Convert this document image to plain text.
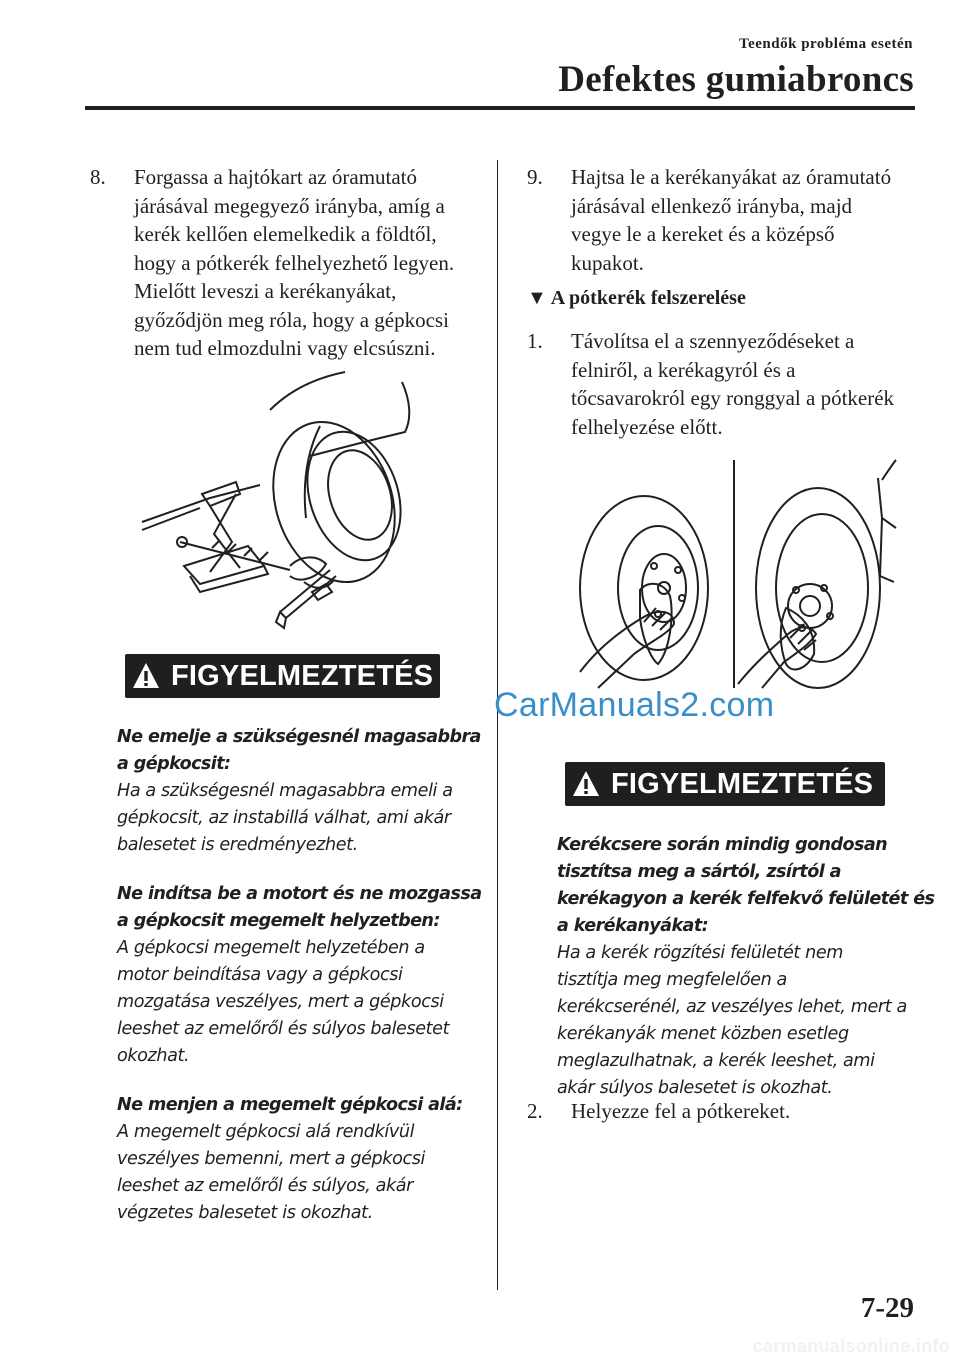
Teendők probléma esetén
Defektes gumiabroncs
8. Forgassa a hajtókart az óramutató
járásával megegyező irányba, amíg a
kerék kellően elemelkedik a földtől,
hogy a pótkerék felhelyezhető legyen.
Mielőtt leveszi a kerékanyákat,
győződjön meg róla, hogy a gépkocsi
nem tud elmozdulni vagy elcsúszni.
FIGYELMEZTETÉS

Ne emelje a szükségesnél magasabbra

a gépkocsit:

Ha a szükségesnél magasabbra emeli a

gépkocsit, az instabillá válhat, ami akár

balesetet is eredményezhet.

Ne indítsa be a motort és ne mozgassa

a gépkocsit megemelt helyzetben:

A gépkocsi megemelt helyzetében a

motor beindítása vagy a gépkocsi

mozgatása veszélyes, mert a gépkocsi

leeshet az emelőről és súlyos balesetet

okozhat.

Ne menjen a megemelt gépkocsi alá:

A megemelt gépkocsi alá rendkívül

veszélyes bemenni, mert a gépkocsi

leeshet az emelőről és súlyos, akár

végzetes balesetet is okozhat.

9. Hajtsa le a kerékanyákat az óramutató
járásával ellenkező irányba, majd
vegye le a kereket és a középső
kupakot.
▼ A pótkerék felszerelése
1. Távolítsa el a szennyeződéseket a
felniről, a kerékagyról és a
tőcsavarokról egy ronggyal a pótkerék
felhelyezése előtt.
CarManuals2.com
FIGYELMEZTETÉS

Kerékcsere során mindig gondosan

tisztítsa meg a sártól, zsírtól a

kerékagyon a kerék felfekvő felületét és

a kerékanyákat:

Ha a kerék rögzítési felületét nem

tisztítja meg megfelelően a

kerékcserénél, az veszélyes lehet, mert a

kerékanyák menet közben esetleg

meglazulhatnak, a kerék leeshet, ami

akár súlyos balesetet is okozhat.

2. Helyezze fel a pótkereket.
7-29
carmanualsonline.info
